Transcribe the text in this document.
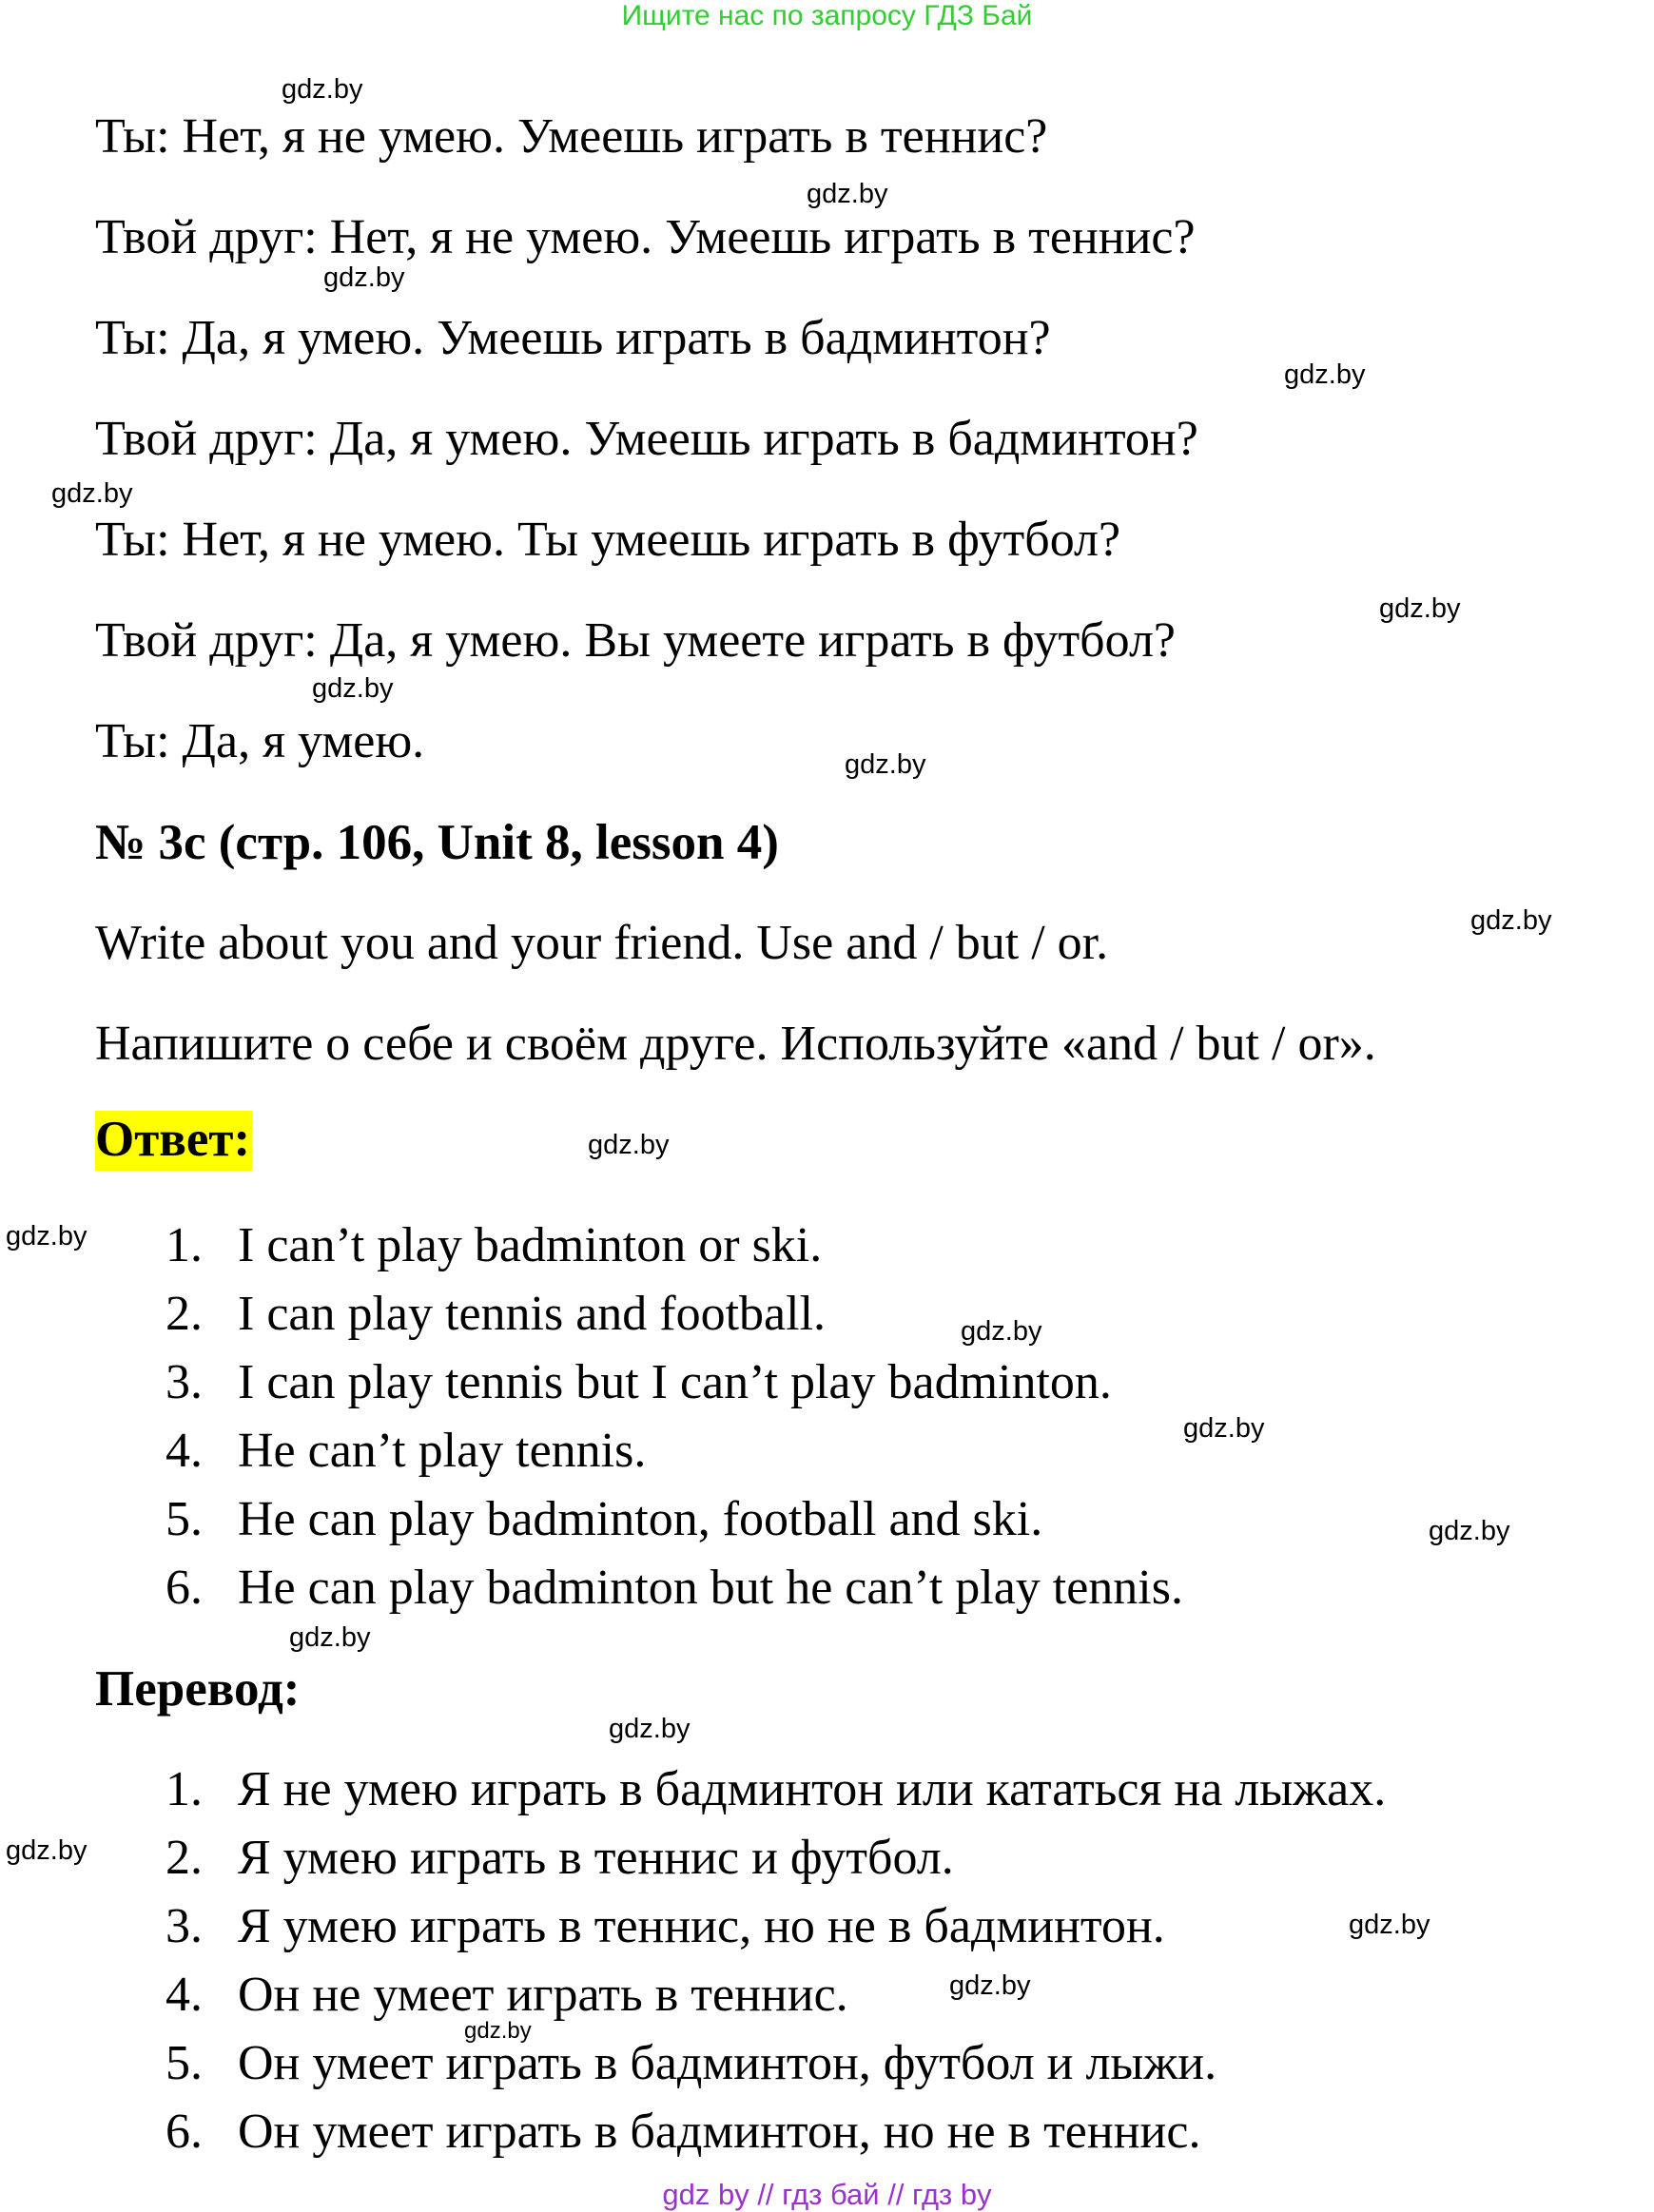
Ищите нас по запросу ГДЗ Бай
Ты: Нет, я не умею. Умеешь играть в теннис?
Твой друг: Нет, я не умею. Умеешь играть в теннис?
Ты: Да, я умею. Умеешь играть в бадминтон?
Твой друг: Да, я умею. Умеешь играть в бадминтон?
Ты: Нет, я не умею. Ты умеешь играть в футбол?
Твой друг: Да, я умею. Вы умеете играть в футбол?
Ты: Да, я умею.
№ 3c (стр. 106, Unit 8, lesson 4)
Write about you and your friend. Use and / but / or.
Напишите о себе и своём друге. Используйте «and / but / or».
Ответ:
1. I can’t play badminton or ski.
2. I can play tennis and football.
3. I can play tennis but I can’t play badminton.
4. He can’t play tennis.
5. He can play badminton, football and ski.
6. He can play badminton but he can’t play tennis.
Перевод:
1. Я не умею играть в бадминтон или кататься на лыжах.
2. Я умею играть в теннис и футбол.
3. Я умею играть в теннис, но не в бадминтон.
4. Он не умеет играть в теннис.
5. Он умеет играть в бадминтон, футбол и лыжи.
6. Он умеет играть в бадминтон, но не в теннис.
gdz.by
gdz.by
gdz.by
gdz.by
gdz.by
gdz.by
gdz.by
gdz.by
gdz.by
gdz.by
gdz.by
gdz.by
gdz.by
gdz.by
gdz.by
gdz.by
gdz.by
gdz.by
gdz.by
gdz.by
gdz by // гдз бай // гдз by
